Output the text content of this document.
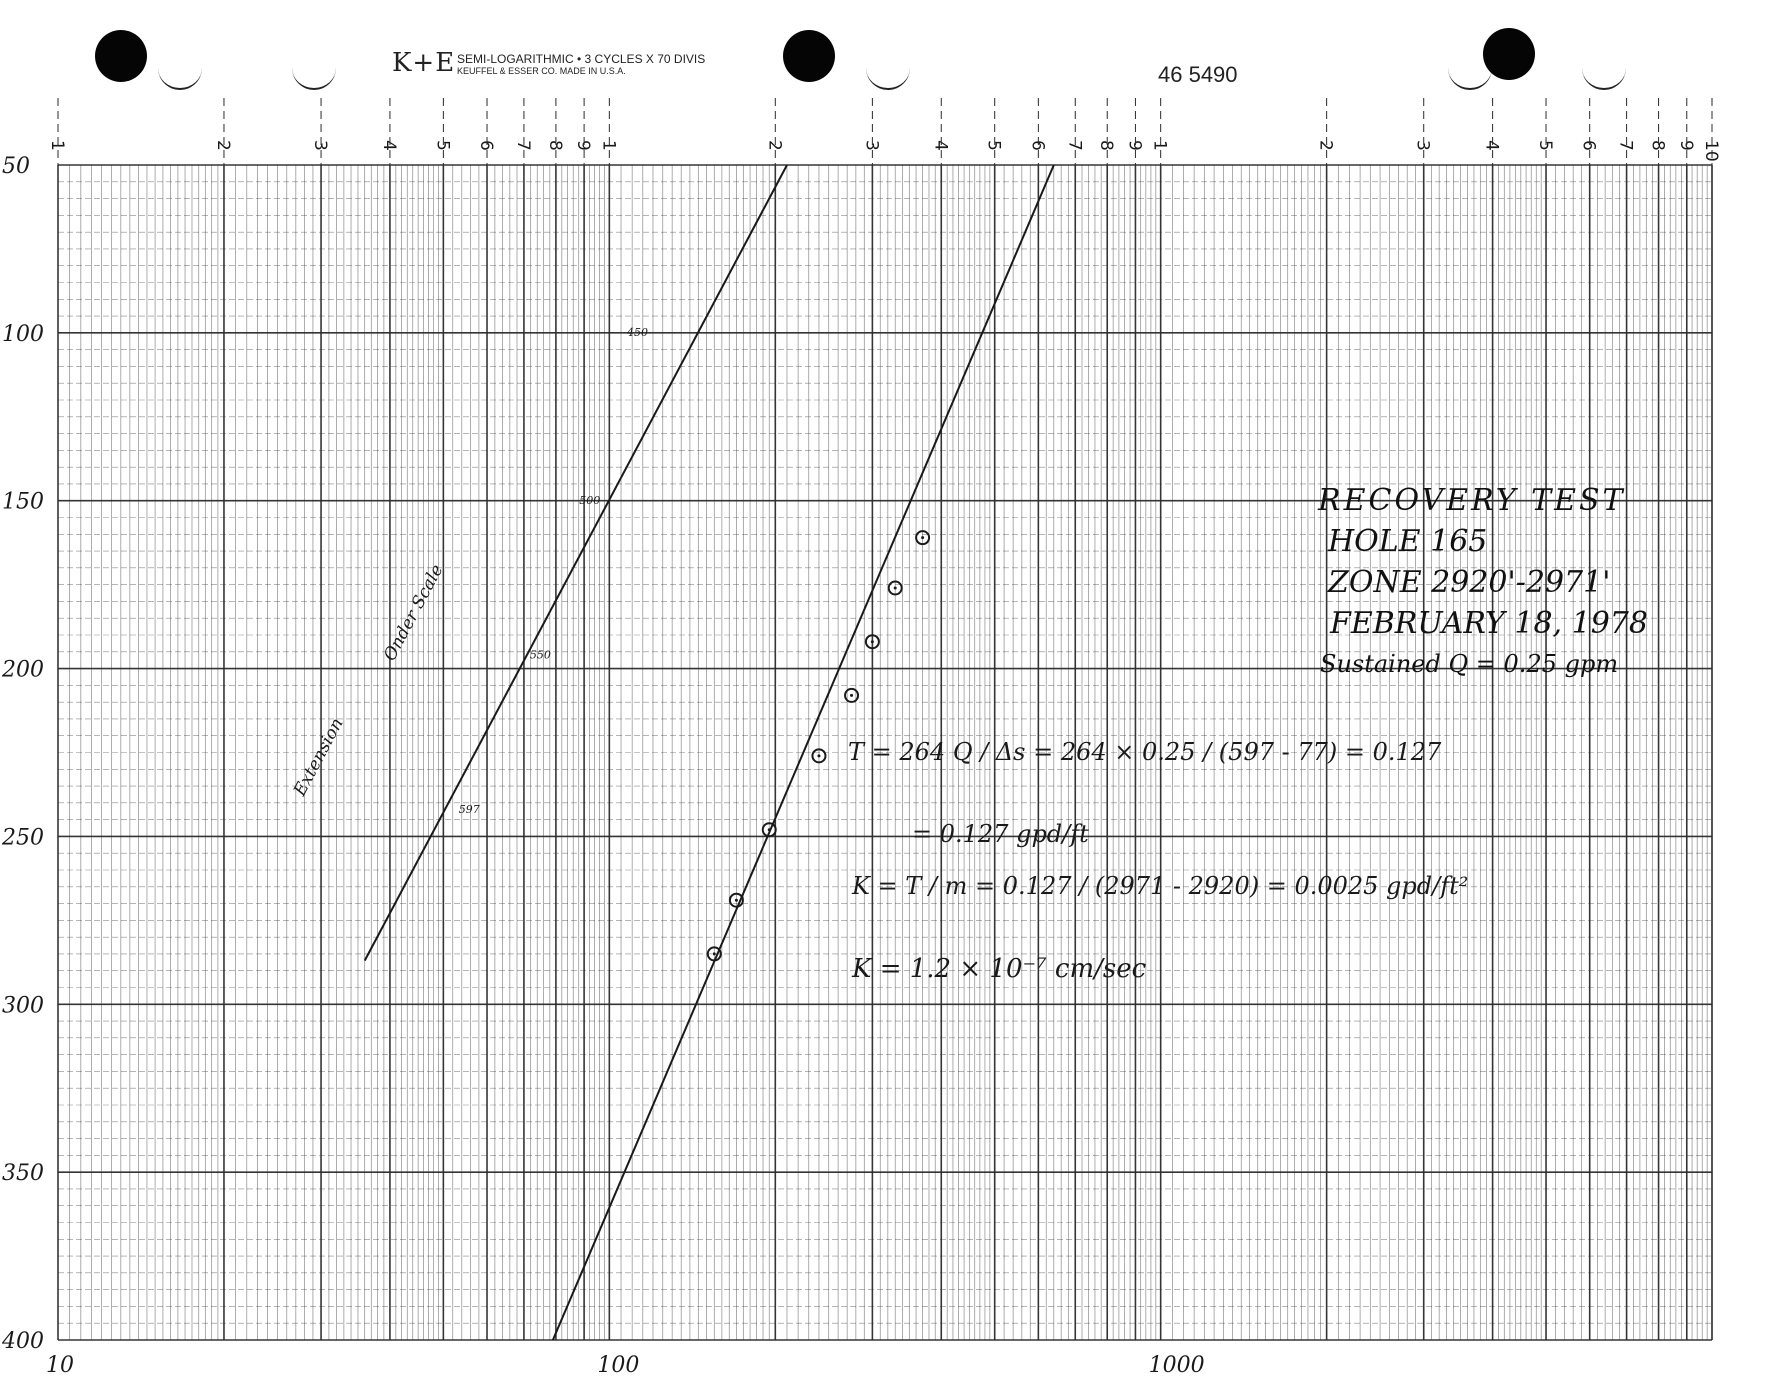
1	2	3	4 5 6 7 8 9 1	2	3	4 5 6 7 8 9 1	2	3	4 5 6 7 8 9 10
10	100	1000
50
100
150
200
250
300
350
400
597
550
500
450
K+E SEMI-LOGARITHMIC • 3 CYCLES X 70 DIVIS
KEUFFEL & ESSER CO. MADE IN U.S.A.	46 5490
RECOVERY TEST
HOLE 165
ZONE 2920'-2971'
FEBRUARY 18, 1978
Sustained Q = 0.25 gpm
T = 264 Q / Δs = 264 × 0.25 / (597 - 77) = 0.127
= 0.127 gpd/ft
K = T / m = 0.127 / (2971 - 2920) = 0.0025 gpd/ft²
K = 1.2 × 10⁻⁷ cm/sec
Extension
Onder Scale
